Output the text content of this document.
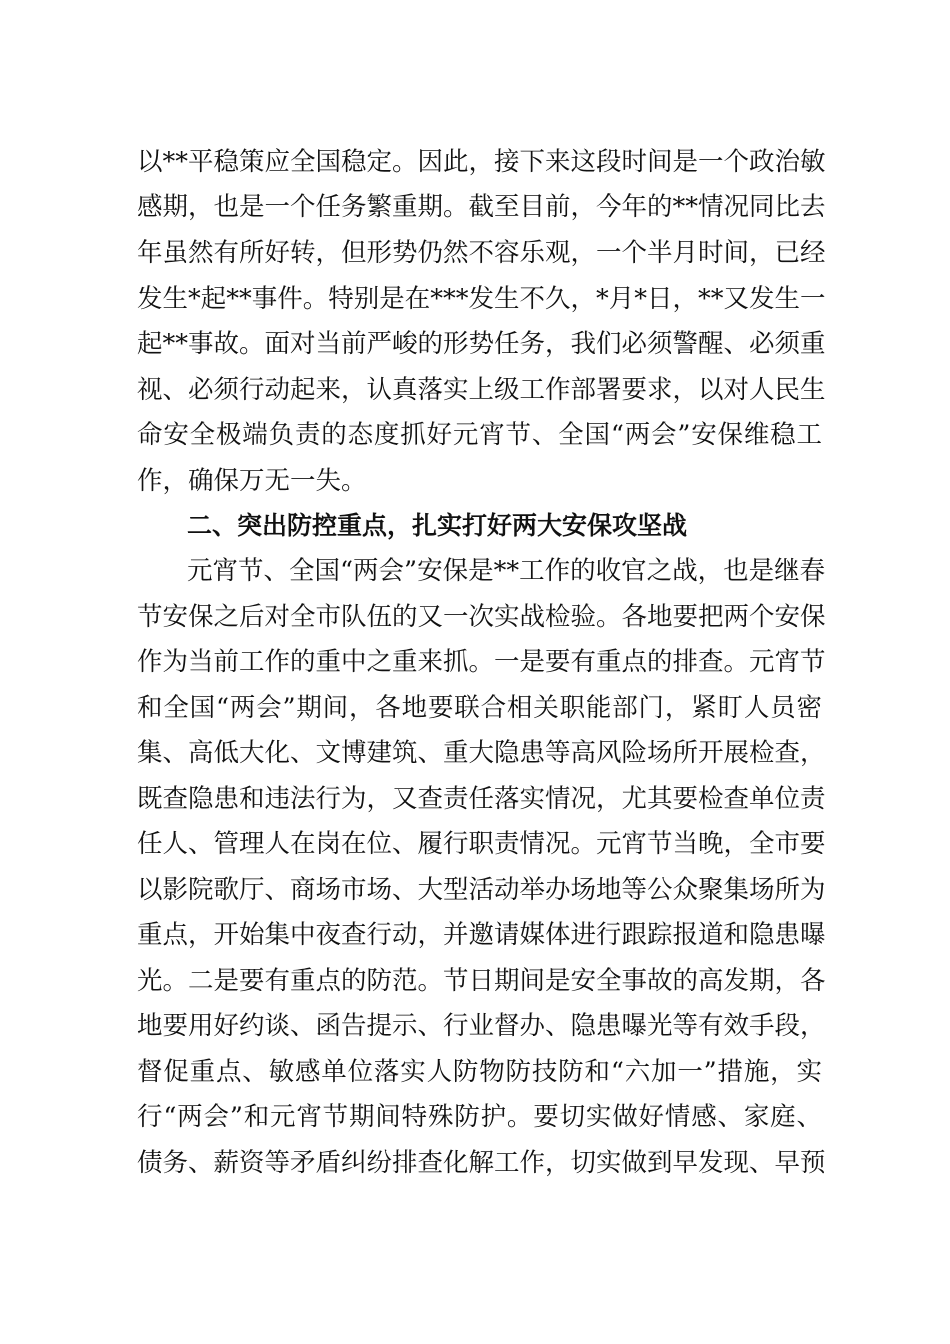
以**平稳策应全国稳定。因此，接下来这段时间是一个政治敏
感期，也是一个任务繁重期。截至目前，今年的**情况同比去
年虽然有所好转，但形势仍然不容乐观，一个半月时间，已经
发生*起**事件。特别是在***发生不久，*月*日，**又发生一
起**事故。面对当前严峻的形势任务，我们必须警醒、必须重
视、必须行动起来，认真落实上级工作部署要求，以对人民生
命安全极端负责的态度抓好元宵节、全国“两会”安保维稳工
作，确保万无一失。
二、突出防控重点，扎实打好两大安保攻坚战
元宵节、全国“两会”安保是**工作的收官之战，也是继春
节安保之后对全市队伍的又一次实战检验。各地要把两个安保
作为当前工作的重中之重来抓。一是要有重点的排查。元宵节
和全国“两会”期间，各地要联合相关职能部门，紧盯人员密
集、高低大化、文博建筑、重大隐患等高风险场所开展检查，
既查隐患和违法行为，又查责任落实情况，尤其要检查单位责
任人、管理人在岗在位、履行职责情况。元宵节当晚，全市要
以影院歌厅、商场市场、大型活动举办场地等公众聚集场所为
重点，开始集中夜查行动，并邀请媒体进行跟踪报道和隐患曝
光。二是要有重点的防范。节日期间是安全事故的高发期，各
地要用好约谈、函告提示、行业督办、隐患曝光等有效手段，
督促重点、敏感单位落实人防物防技防和“六加一”措施，实
行“两会”和元宵节期间特殊防护。要切实做好情感、家庭、
债务、薪资等矛盾纠纷排查化解工作，切实做到早发现、早预
